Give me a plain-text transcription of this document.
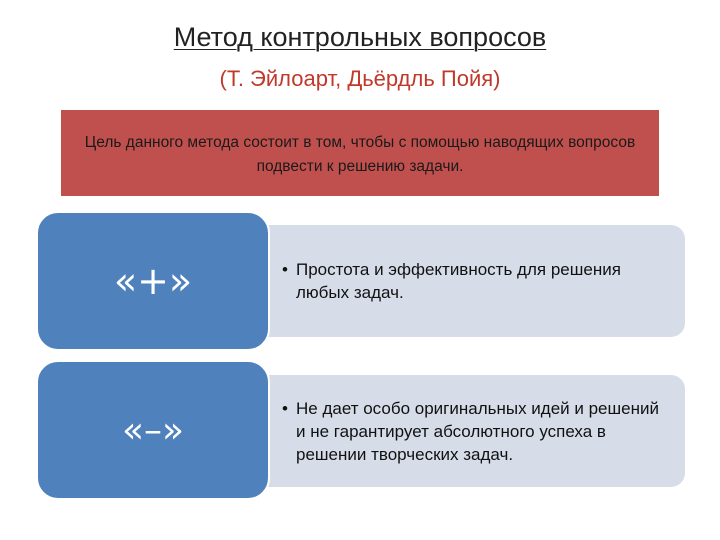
Метод контрольных вопросов
(Т. Эйлоарт, Дьёрдль Пойя)
Цель данного метода состоит в том, чтобы с помощью наводящих вопросов подвести к решению задачи.
• Простота и эффективность для решения любых задач.
«+»
• Не дает особо оригинальных идей и решений и не гарантирует абсолютного успеха в решении творческих задач.
«–»
